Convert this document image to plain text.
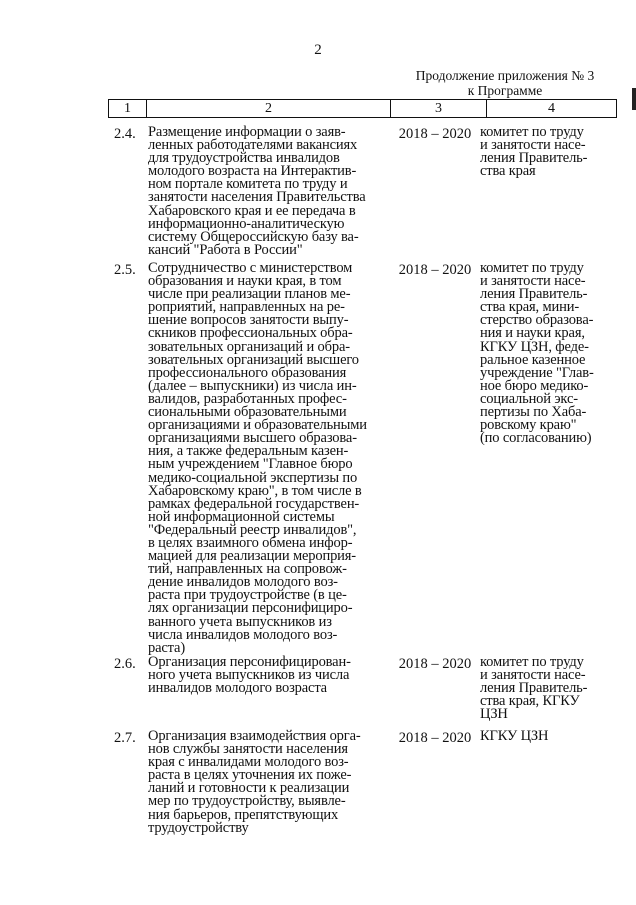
2
Продолжение приложения № 3
к Программе
1	2	3	4
2.4. Размещение информации о заяв-
ленных работодателями вакансиях
для трудоустройства инвалидов
молодого возраста на Интерактив-
ном портале комитета по труду и
занятости населения Правительства
Хабаровского края и ее передача в
информационно-аналитическую
систему Общероссийскую базу ва-
кансий "Работа в России"
2018 – 2020 комитет по труду
и занятости насе-
ления Правитель-
ства края
2.5. Сотрудничество с министерством
образования и науки края, в том
числе при реализации планов ме-
роприятий, направленных на ре-
шение вопросов занятости выпу-
скников профессиональных обра-
зовательных организаций и обра-
зовательных организаций высшего
профессионального образования
(далее – выпускники) из числа ин-
валидов, разработанных профес-
сиональными образовательными
организациями и образовательными
организациями высшего образова-
ния, а также федеральным казен-
ным учреждением "Главное бюро
медико-социальной экспертизы по
Хабаровскому краю", в том числе в
рамках федеральной государствен-
ной информационной системы
"Федеральный реестр инвалидов",
в целях взаимного обмена инфор-
мацией для реализации мероприя-
тий, направленных на сопровож-
дение инвалидов молодого воз-
раста при трудоустройстве (в це-
лях организации персонифициро-
ванного учета выпускников из
числа инвалидов молодого воз-
раста)
2018 – 2020 комитет по труду
и занятости насе-
ления Правитель-
ства края, мини-
стерство образова-
ния и науки края,
КГКУ ЦЗН, феде-
ральное казенное
учреждение "Глав-
ное бюро медико-
социальной экс-
пертизы по Хаба-
ровскому краю"
(по согласованию)
2.6. Организация персонифицирован-
ного учета выпускников из числа
инвалидов молодого возраста
2018 – 2020 комитет по труду
и занятости насе-
ления Правитель-
ства края, КГКУ
ЦЗН
2.7. Организация взаимодействия орга-
нов службы занятости населения
края с инвалидами молодого воз-
раста в целях уточнения их поже-
ланий и готовности к реализации
мер по трудоустройству, выявле-
ния барьеров, препятствующих
трудоустройству
2018 – 2020 КГКУ ЦЗН
